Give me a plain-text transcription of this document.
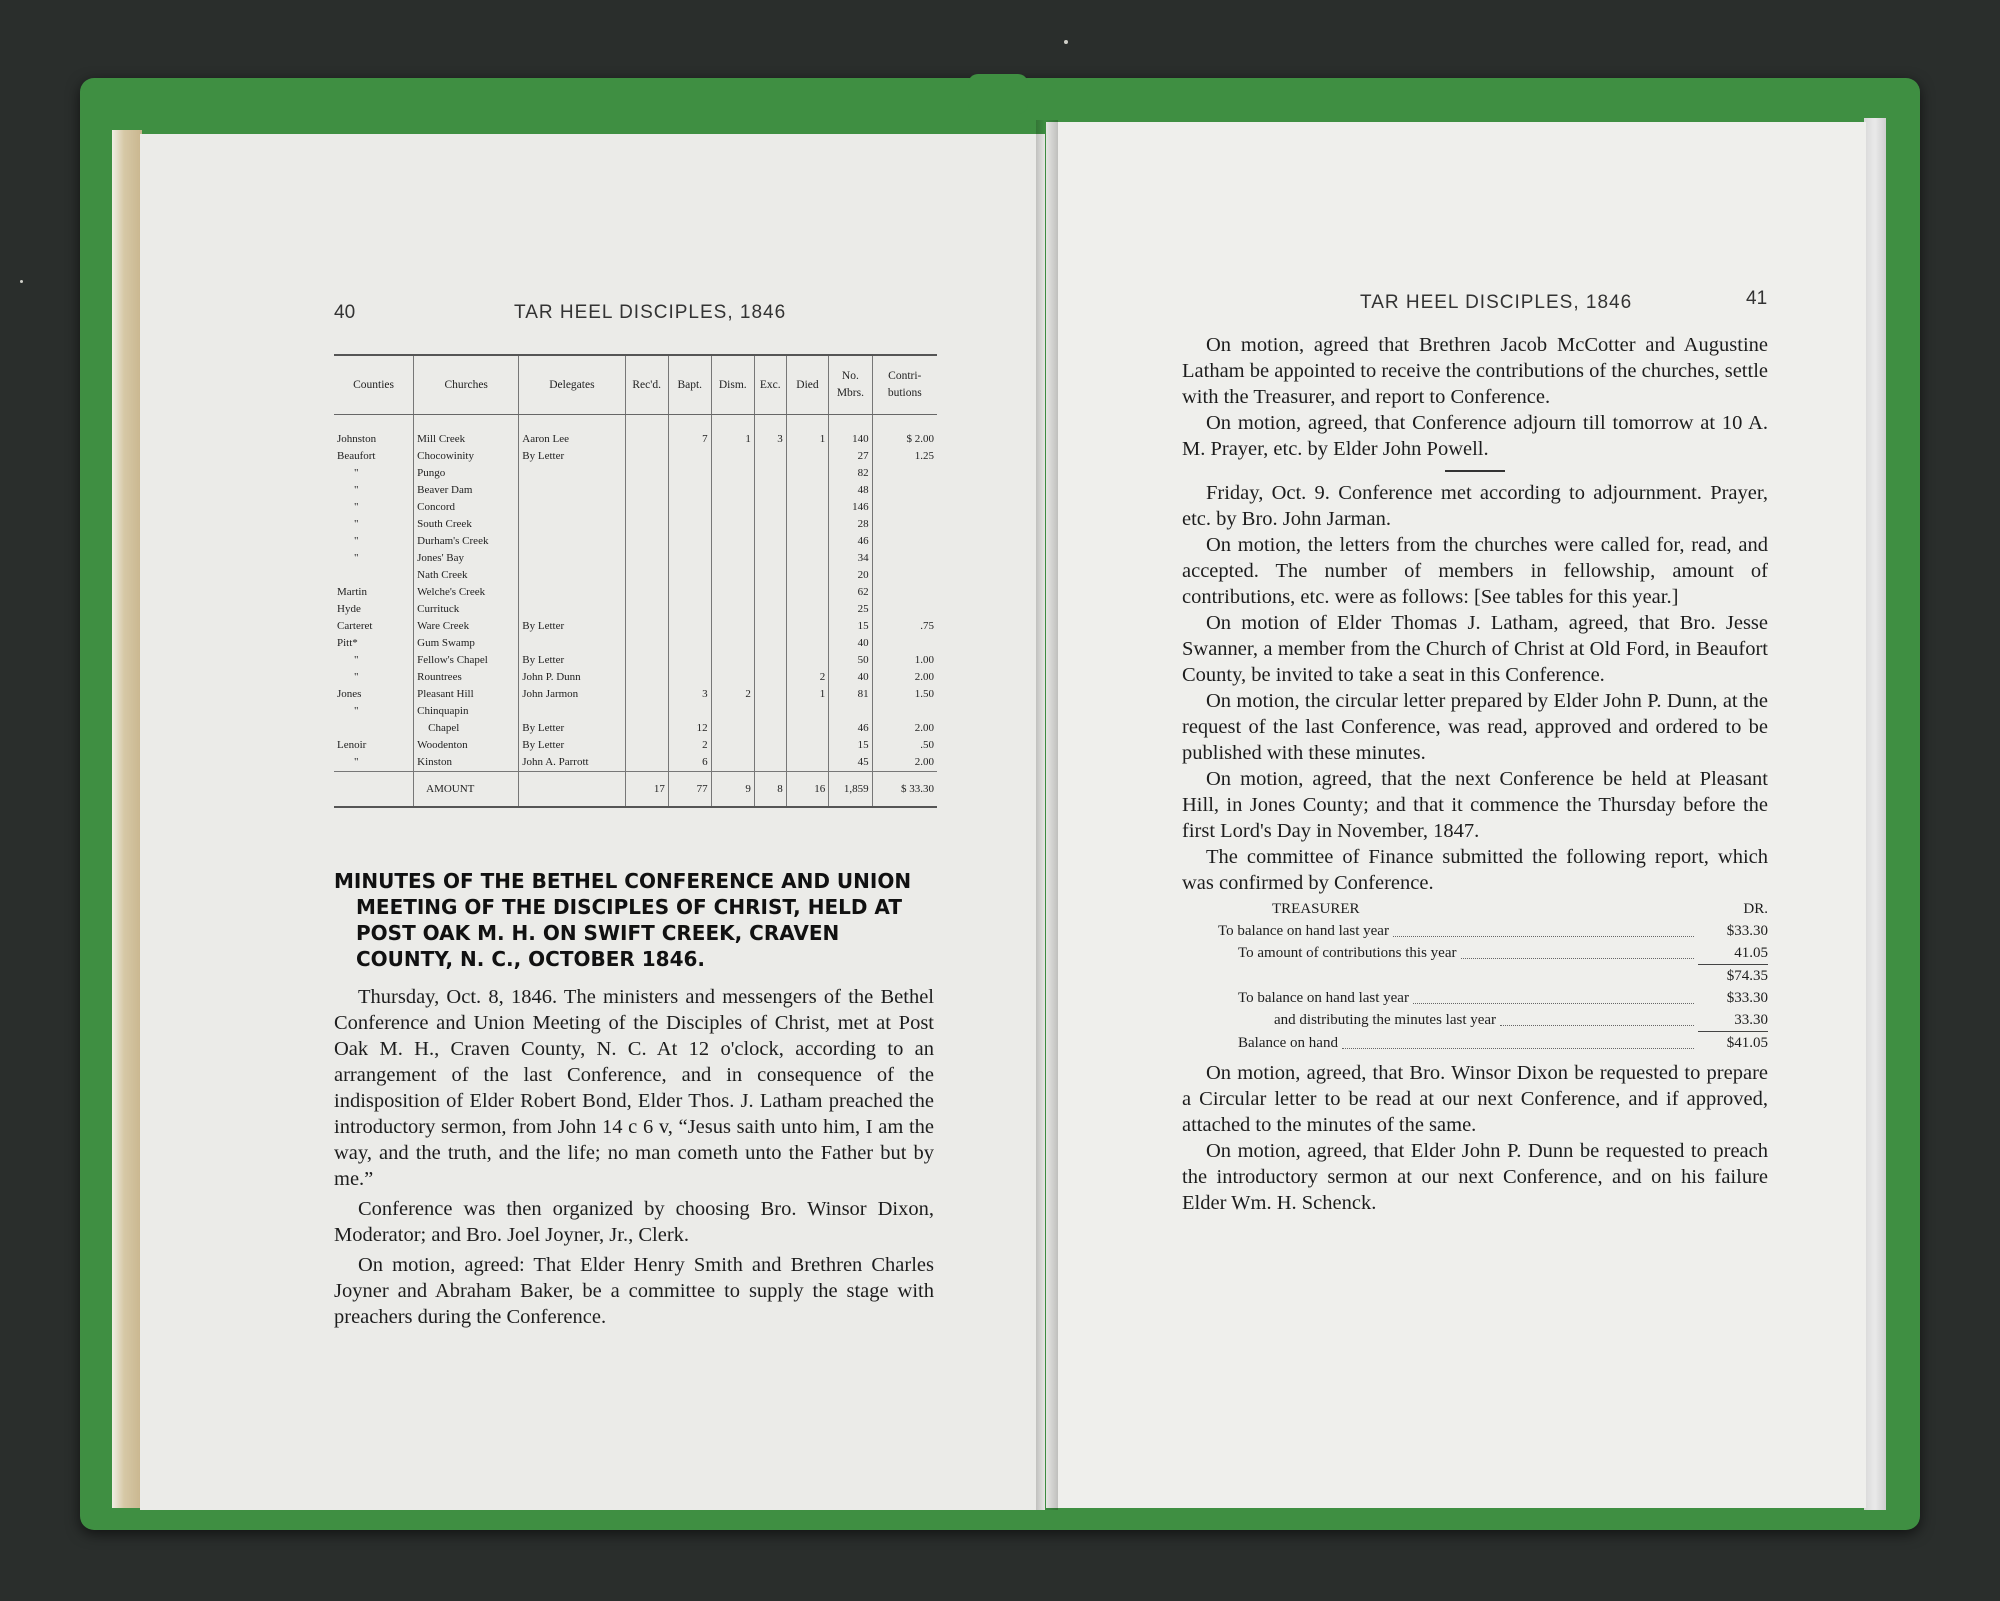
40	TAR HEEL DISCIPLES, 1846
Counties	Churches	Delegates	Rec'd.	Bapt.	Dism.	Exc.	Died	No. Mbrs.	Contri- butions

Johnston	Mill Creek	Aaron Lee		7	1	3	1	140	$ 2.00
Beaufort	Chocowinity	By Letter						27	1.25
"	Pungo							82	
"	Beaver Dam							48	
"	Concord							146	
"	South Creek							28	
"	Durham's Creek							46	
"	Jones' Bay							34	
	Nath Creek							20	
Martin	Welche's Creek							62	
Hyde	Currituck							25	
Carteret	Ware Creek	By Letter						15	.75
Pitt*	Gum Swamp							40	
"	Fellow's Chapel	By Letter						50	1.00
"	Rountrees	John P. Dunn					2	40	2.00
Jones	Pleasant Hill	John Jarmon		3	2		1	81	1.50
"	Chinquapin								
	Chapel	By Letter		12				46	2.00
Lenoir	Woodenton	By Letter		2				15	.50
"	Kinston	John A. Parrott		6				45	2.00
	AMOUNT		17	77	9	8	16	1,859	$ 33.30
MINUTES OF THE BETHEL CONFERENCE AND UNION
MEETING OF THE DISCIPLES OF CHRIST, HELD AT
POST OAK M. H. ON SWIFT CREEK, CRAVEN
COUNTY, N. C., OCTOBER 1846.

Thursday, Oct. 8, 1846. The ministers and messengers of the Bethel Conference and Union Meeting of the Disciples of Christ, met at Post Oak M. H., Craven County, N. C. At 12 o'clock, according to an arrangement of the last Conference, and in consequence of the indisposition of Elder Robert Bond, Elder Thos. J. Latham preached the introductory sermon, from John 14 c 6 v, “Jesus saith unto him, I am the way, and the truth, and the life; no man cometh unto the Father but by me.”

Conference was then organized by choosing Bro. Winsor Dixon, Moderator; and Bro. Joel Joyner, Jr., Clerk.

On motion, agreed: That Elder Henry Smith and Brethren Charles Joyner and Abraham Baker, be a committee to supply the stage with preachers during the Conference.

TAR HEEL DISCIPLES, 1846	41

On motion, agreed that Brethren Jacob McCotter and Augustine Latham be appointed to receive the contributions of the churches, settle with the Treasurer, and report to Conference.

On motion, agreed, that Conference adjourn till tomorrow at 10 A. M. Prayer, etc. by Elder John Powell.

Friday, Oct. 9. Conference met according to adjournment. Prayer, etc. by Bro. John Jarman.

On motion, the letters from the churches were called for, read, and accepted. The number of members in fellowship, amount of contributions, etc. were as follows: [See tables for this year.]

On motion of Elder Thomas J. Latham, agreed, that Bro. Jesse Swanner, a member from the Church of Christ at Old Ford, in Beaufort County, be invited to take a seat in this Conference.

On motion, the circular letter prepared by Elder John P. Dunn, at the request of the last Conference, was read, approved and ordered to be published with these minutes.

On motion, agreed, that the next Conference be held at Pleasant Hill, in Jones County; and that it commence the Thursday before the first Lord's Day in November, 1847.

The committee of Finance submitted the following report, which was confirmed by Conference.

TREASURER	DR.
To balance on hand last year	$33.30
To amount of contributions this year	41.05
$74.35
To balance on hand last year	$33.30
and distributing the minutes last year	33.30
Balance on hand	$41.05

On motion, agreed, that Bro. Winsor Dixon be requested to prepare a Circular letter to be read at our next Conference, and if approved, attached to the minutes of the same.

On motion, agreed, that Elder John P. Dunn be requested to preach the introductory sermon at our next Conference, and on his failure Elder Wm. H. Schenck.
